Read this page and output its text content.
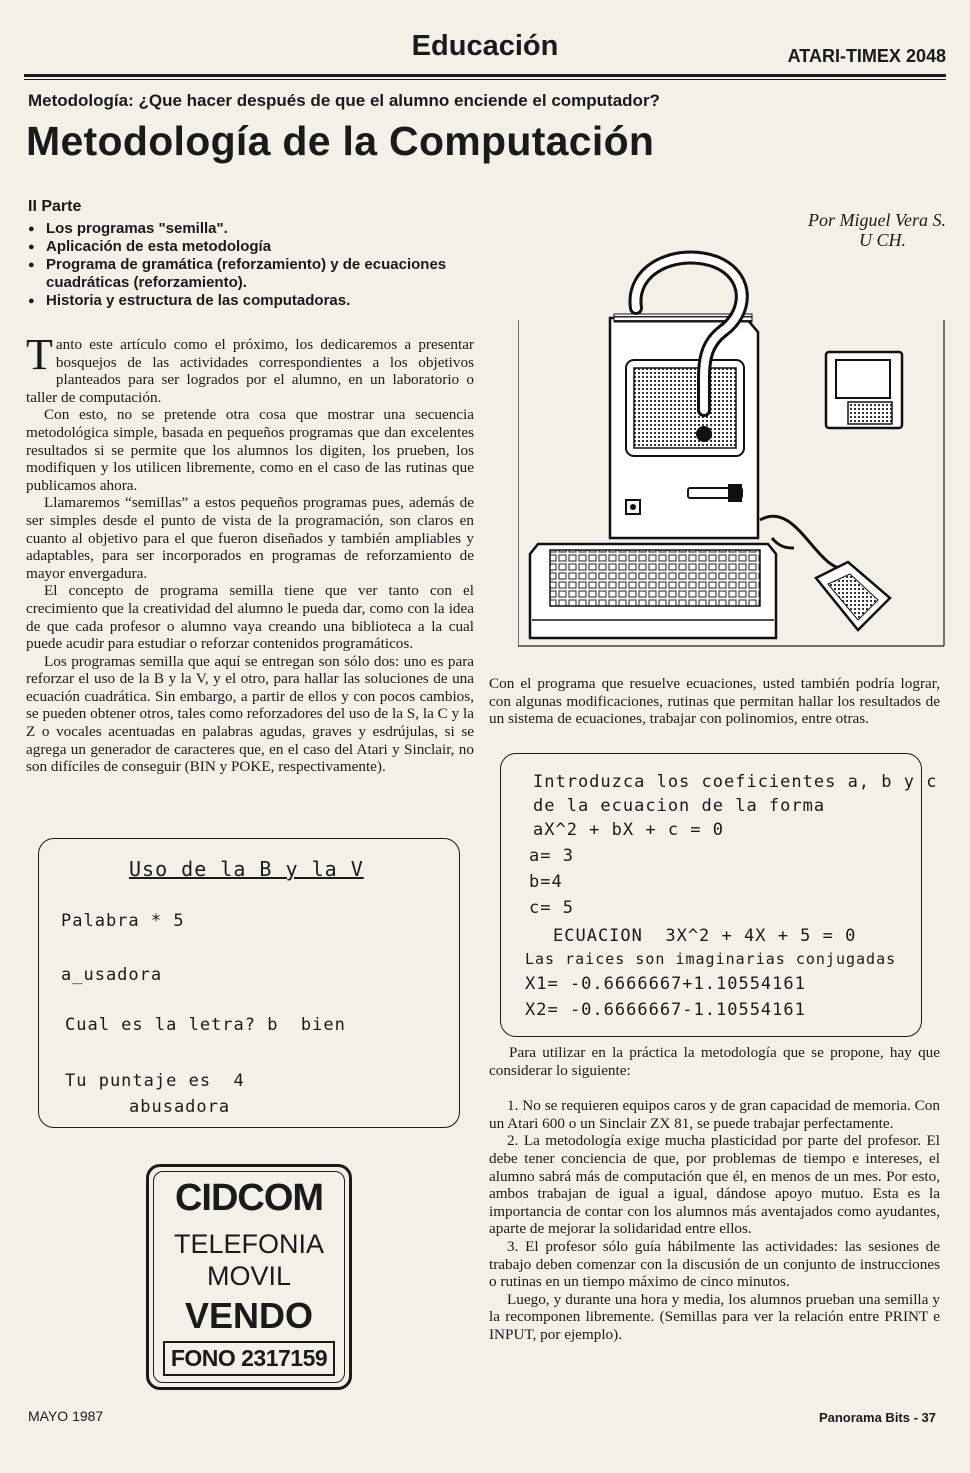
Educación	ATARI-TIMEX 2048
Metodología: ¿Que hacer después de que el alumno enciende el computador?
Metodología de la Computación
II Parte
● Los programas "semilla".
● Aplicación de esta metodología
● Programa de gramática (reforzamiento) y de ecuaciones cuadráticas (reforzamiento).
● Historia y estructura de las computadoras.
Por Miguel Vera S.
U CH.

Tanto este artículo como el próximo, los dedicaremos a presentar bosquejos de las actividades correspondientes a los objetivos planteados para ser logrados por el alumno, en un laboratorio o taller de computación.

Con esto, no se pretende otra cosa que mostrar una secuencia metodológica simple, basada en pequeños programas que dan excelentes resultados si se permite que los alumnos los digiten, los prueben, los modifiquen y los utilicen libremente, como en el caso de las rutinas que publicamos ahora.

Llamaremos “semillas” a estos pequeños programas pues, además de ser simples desde el punto de vista de la programación, son claros en cuanto al objetivo para el que fueron diseñados y también ampliables y adaptables, para ser incorporados en programas de reforzamiento de mayor envergadura.

El concepto de programa semilla tiene que ver tanto con el crecimiento que la creatividad del alumno le pueda dar, como con la idea de que cada profesor o alumno vaya creando una biblioteca a la cual puede acudir para estudiar o reforzar contenidos programáticos.

Los programas semilla que aquí se entregan son sólo dos: uno es para reforzar el uso de la B y la V, y el otro, para hallar las soluciones de una ecuación cuadrática. Sin embargo, a partir de ellos y con pocos cambios, se pueden obtener otros, tales como reforzadores del uso de la S, la C y la Z o vocales acentuadas en palabras agudas, graves y esdrújulas, si se agrega un generador de caracteres que, en el caso del Atari y Sinclair, no son difíciles de conseguir (BIN y POKE, respectivamente).

Uso de la B y la V
Palabra * 5
a_usadora
Cual es la letra? b  bien
Tu puntaje es  4
abusadora
CIDCOM
TELEFONIA
MOVIL
VENDO
FONO 2317159

Con el programa que resuelve ecuaciones, usted también podría lograr, con algunas modificaciones, rutinas que permitan hallar los resultados de un sistema de ecuaciones, trabajar con polinomios, entre otras.

Introduzca los coeficientes a, b y c
de la ecuacion de la forma
aX^2 + bX + c = 0
a= 3
b=4
c= 5
ECUACION  3X^2 + 4X + 5 = 0
Las raices son imaginarias conjugadas
X1= -0.6666667+1.10554161
X2= -0.6666667-1.10554161

Para utilizar en la práctica la metodología que se propone, hay que considerar lo siguiente:

1. No se requieren equipos caros y de gran capacidad de memoria. Con un Atari 600 o un Sinclair ZX 81, se puede trabajar perfectamente.

2. La metodología exige mucha plasticidad por parte del profesor. El debe tener conciencia de que, por problemas de tiempo e intereses, el alumno sabrá más de computación que él, en menos de un mes. Por esto, ambos trabajan de igual a igual, dándose apoyo mutuo. Esta es la importancia de contar con los alumnos más aventajados como ayudantes, aparte de mejorar la solidaridad entre ellos.

3. El profesor sólo guía hábilmente las actividades: las sesiones de trabajo deben comenzar con la discusión de un conjunto de instrucciones o rutinas en un tiempo máximo de cinco minutos.

Luego, y durante una hora y media, los alumnos prueban una semilla y la recomponen libremente. (Semillas para ver la relación entre PRINT e INPUT, por ejemplo).

MAYO 1987	Panorama Bits - 37
